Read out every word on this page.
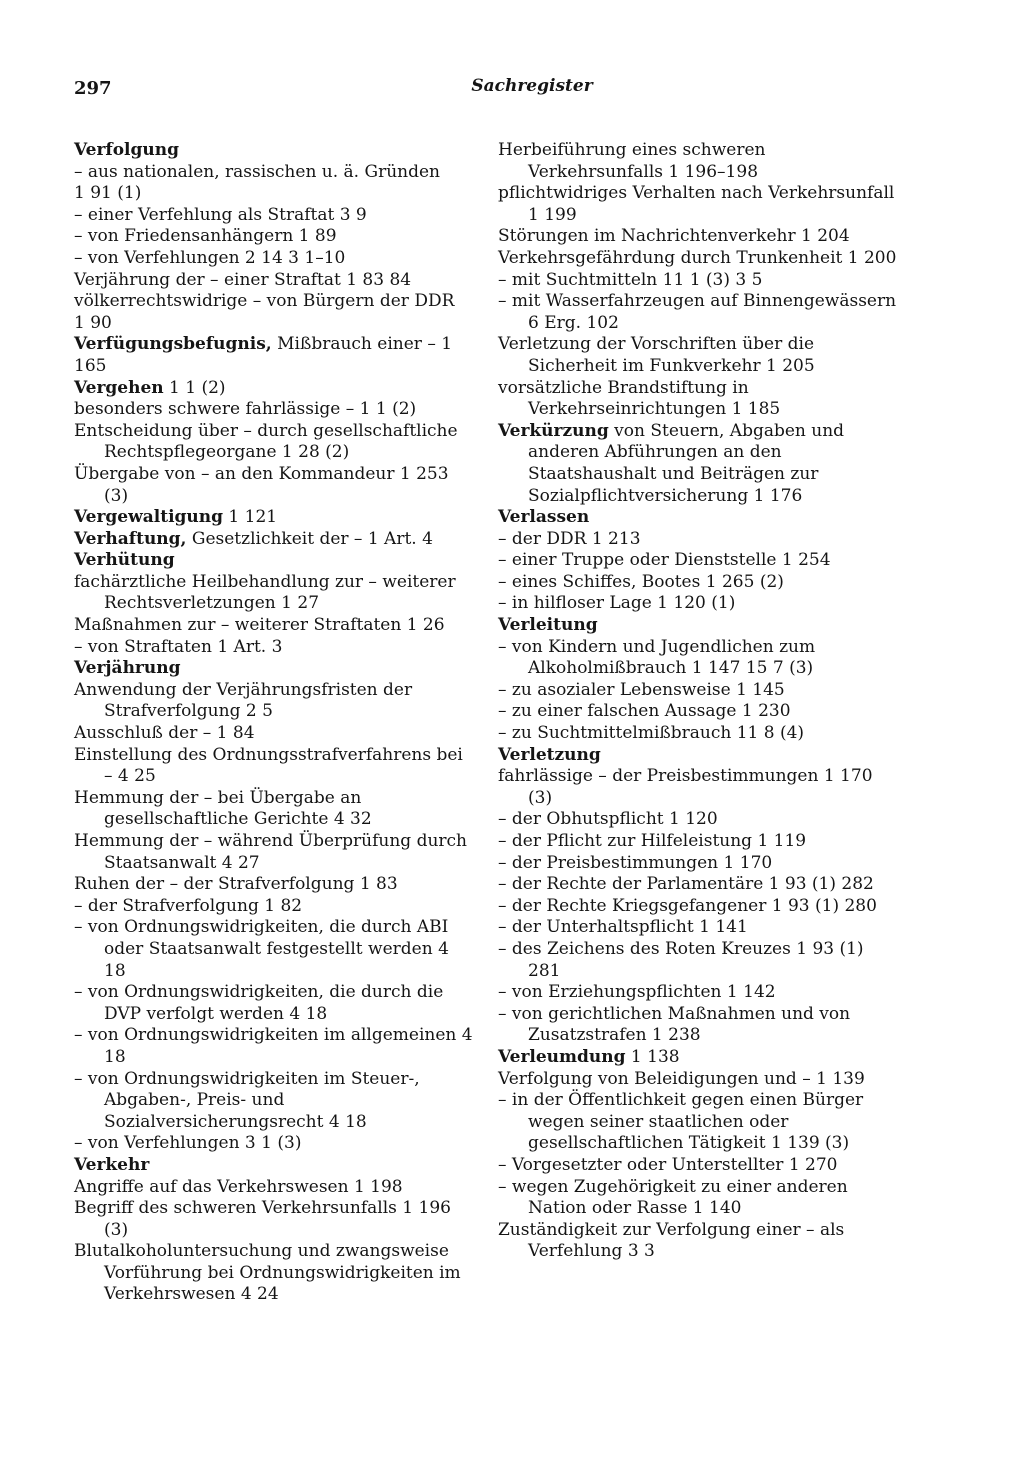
297	Sachregister

Verfolgung

– aus nationalen, rassischen u. ä. Gründen

1 91 (1)

– einer Verfehlung als Straftat 3 9

– von Friedensanhängern 1 89

– von Verfehlungen 2 14 3 1–10

Verjährung der – einer Straftat 1 83 84

völkerrechtswidrige – von Bürgern der DDR

1 90

Verfügungsbefugnis, Mißbrauch einer – 1

165

Vergehen 1 1 (2)

besonders schwere fahrlässige – 1 1 (2)

Entscheidung über – durch gesellschaftliche Rechtspflegeorgane 1 28 (2)

Übergabe von – an den Kommandeur 1 253 (3)

Vergewaltigung 1 121

Verhaftung, Gesetzlichkeit der – 1 Art. 4

Verhütung

fachärztliche Heilbehandlung zur – weiterer Rechtsverletzungen 1 27

Maßnahmen zur – weiterer Straftaten 1 26

– von Straftaten 1 Art. 3

Verjährung

Anwendung der Verjährungsfristen der Strafverfolgung 2 5

Ausschluß der – 1 84

Einstellung des Ordnungsstrafverfahrens bei – 4 25

Hemmung der – bei Übergabe an gesellschaftliche Gerichte 4 32

Hemmung der – während Überprüfung durch Staatsanwalt 4 27

Ruhen der – der Strafverfolgung 1 83

– der Strafverfolgung 1 82

– von Ordnungswidrigkeiten, die durch ABI oder Staatsanwalt festgestellt werden 4 18

– von Ordnungswidrigkeiten, die durch die DVP verfolgt werden 4 18

– von Ordnungswidrigkeiten im allgemeinen 4 18

– von Ordnungswidrigkeiten im Steuer-, Abgaben-, Preis- und Sozialversicherungsrecht 4 18

– von Verfehlungen 3 1 (3)

Verkehr

Angriffe auf das Verkehrswesen 1 198

Begriff des schweren Verkehrsunfalls 1 196 (3)

Blutalkoholuntersuchung und zwangsweise Vorführung bei Ordnungswidrigkeiten im Verkehrswesen 4 24

Herbeiführung eines schweren Verkehrsunfalls 1 196–198

pflichtwidriges Verhalten nach Verkehrsunfall 1 199

Störungen im Nachrichtenverkehr 1 204

Verkehrsgefährdung durch Trunkenheit 1 200

– mit Suchtmitteln 11 1 (3) 3 5

– mit Wasserfahrzeugen auf Binnengewässern 6 Erg. 102

Verletzung der Vorschriften über die Sicherheit im Funkverkehr 1 205

vorsätzliche Brandstiftung in Verkehrseinrichtungen 1 185

Verkürzung von Steuern, Abgaben und anderen Abführungen an den Staatshaushalt und Beiträgen zur Sozialpflichtversicherung 1 176

Verlassen

– der DDR 1 213

– einer Truppe oder Dienststelle 1 254

– eines Schiffes, Bootes 1 265 (2)

– in hilfloser Lage 1 120 (1)

Verleitung

– von Kindern und Jugendlichen zum Alkoholmißbrauch 1 147 15 7 (3)

– zu asozialer Lebensweise 1 145

– zu einer falschen Aussage 1 230

– zu Suchtmittelmißbrauch 11 8 (4)

Verletzung

fahrlässige – der Preisbestimmungen 1 170 (3)

– der Obhutspflicht 1 120

– der Pflicht zur Hilfeleistung 1 119

– der Preisbestimmungen 1 170

– der Rechte der Parlamentäre 1 93 (1) 282

– der Rechte Kriegsgefangener 1 93 (1) 280

– der Unterhaltspflicht 1 141

– des Zeichens des Roten Kreuzes 1 93 (1) 281

– von Erziehungspflichten 1 142

– von gerichtlichen Maßnahmen und von Zusatzstrafen 1 238

Verleumdung 1 138

Verfolgung von Beleidigungen und – 1 139

– in der Öffentlichkeit gegen einen Bürger wegen seiner staatlichen oder gesellschaftlichen Tätigkeit 1 139 (3)

– Vorgesetzter oder Unterstellter 1 270

– wegen Zugehörigkeit zu einer anderen Nation oder Rasse 1 140

Zuständigkeit zur Verfolgung einer – als Verfehlung 3 3
